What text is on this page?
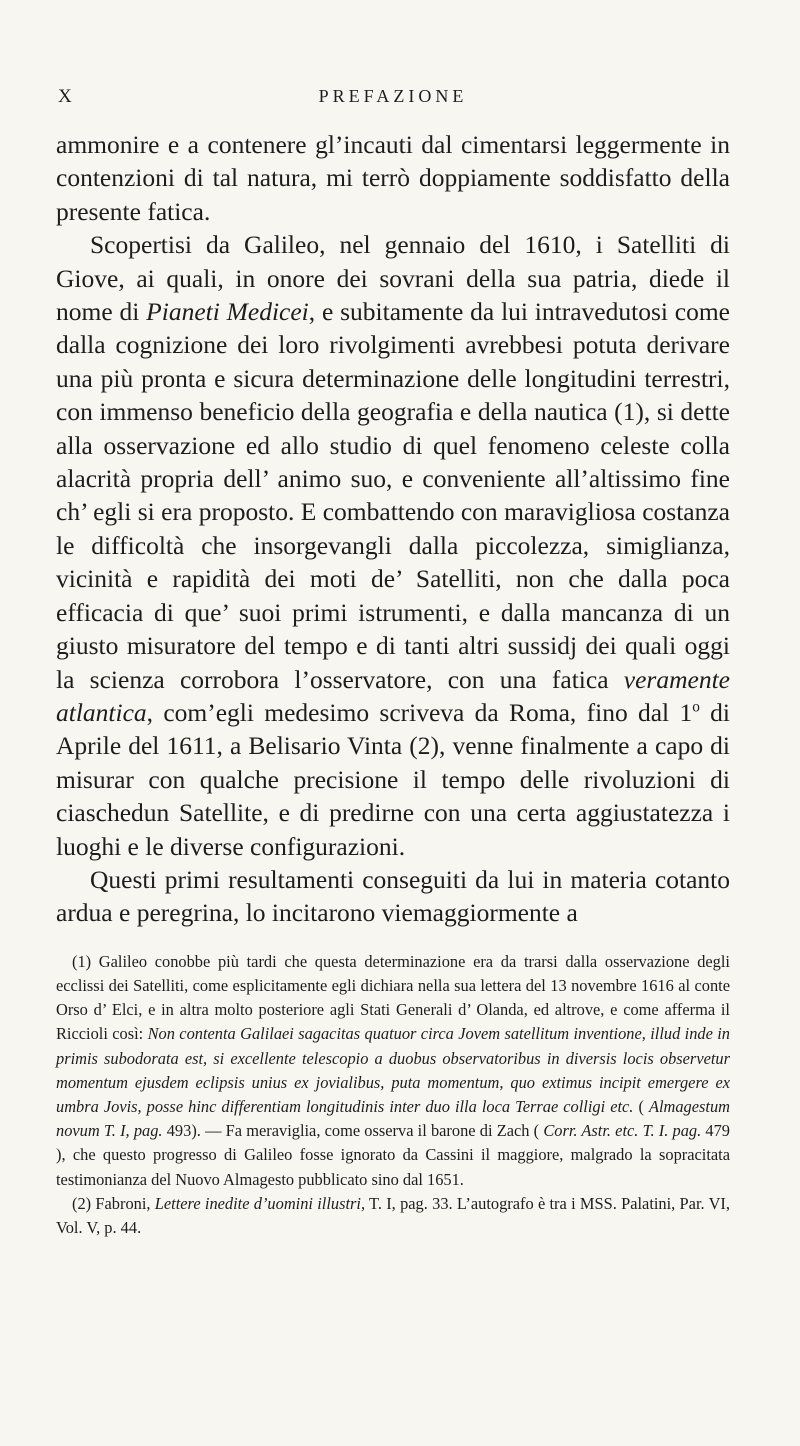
X	PREFAZIONE

ammonire e a contenere gl’incauti dal cimentarsi leggermente in contenzioni di tal natura, mi terrò doppiamente soddisfatto della presente fatica.

Scopertisi da Galileo, nel gennaio del 1610, i Satelliti di Giove, ai quali, in onore dei sovrani della sua patria, diede il nome di Pianeti Medicei, e subitamente da lui intravedutosi come dalla cognizione dei loro rivolgimenti avrebbesi potuta derivare una più pronta e sicura determinazione delle longitudini terrestri, con immenso beneficio della geografia e della nautica (1), si dette alla osservazione ed allo studio di quel fenomeno celeste colla alacrità propria dell’ animo suo, e conveniente all’altissimo fine ch’ egli si era proposto. E combattendo con maravigliosa costanza le difficoltà che insorgevangli dalla piccolezza, simiglianza, vicinità e rapidità dei moti de’ Satelliti, non che dalla poca efficacia di que’ suoi primi istrumenti, e dalla mancanza di un giusto misuratore del tempo e di tanti altri sussidj dei quali oggi la scienza corrobora l’osservatore, con una fatica veramente atlantica, com’egli medesimo scriveva da Roma, fino dal 1$^o$ di Aprile del 1611, a Belisario Vinta (2), venne finalmente a capo di misurar con qualche precisione il tempo delle rivoluzioni di ciaschedun Satellite, e di predirne con una certa aggiustatezza i luoghi e le diverse configurazioni.

Questi primi resultamenti conseguiti da lui in materia cotanto ardua e peregrina, lo incitarono viemaggiormente a

(1) Galileo conobbe più tardi che questa determinazione era da trarsi dalla osservazione degli ecclissi dei Satelliti, come esplicitamente egli dichiara nella sua lettera del 13 novembre 1616 al conte Orso d’ Elci, e in altra molto posteriore agli Stati Generali d’ Olanda, ed altrove, e come afferma il Riccioli così: Non contenta Galilaei sagacitas quatuor circa Jovem satellitum inventione, illud inde in primis subodorata est, si excellente telescopio a duobus observatoribus in diversis locis observetur momentum ejusdem eclipsis unius ex jovialibus, puta momentum, quo extimus incipit emergere ex umbra Jovis, posse hinc differentiam longitudinis inter duo illa loca Terrae colligi etc. ( Almagestum novum T. I, pag. 493). — Fa meraviglia, come osserva il barone di Zach ( Corr. Astr. etc. T. I. pag. 479 ), che questo progresso di Galileo fosse ignorato da Cassini il maggiore, malgrado la sopracitata testimonianza del Nuovo Almagesto pubblicato sino dal 1651.

(2) Fabroni, Lettere inedite d’uomini illustri, T. I, pag. 33. L’autografo è tra i MSS. Palatini, Par. VI, Vol. V, p. 44.
